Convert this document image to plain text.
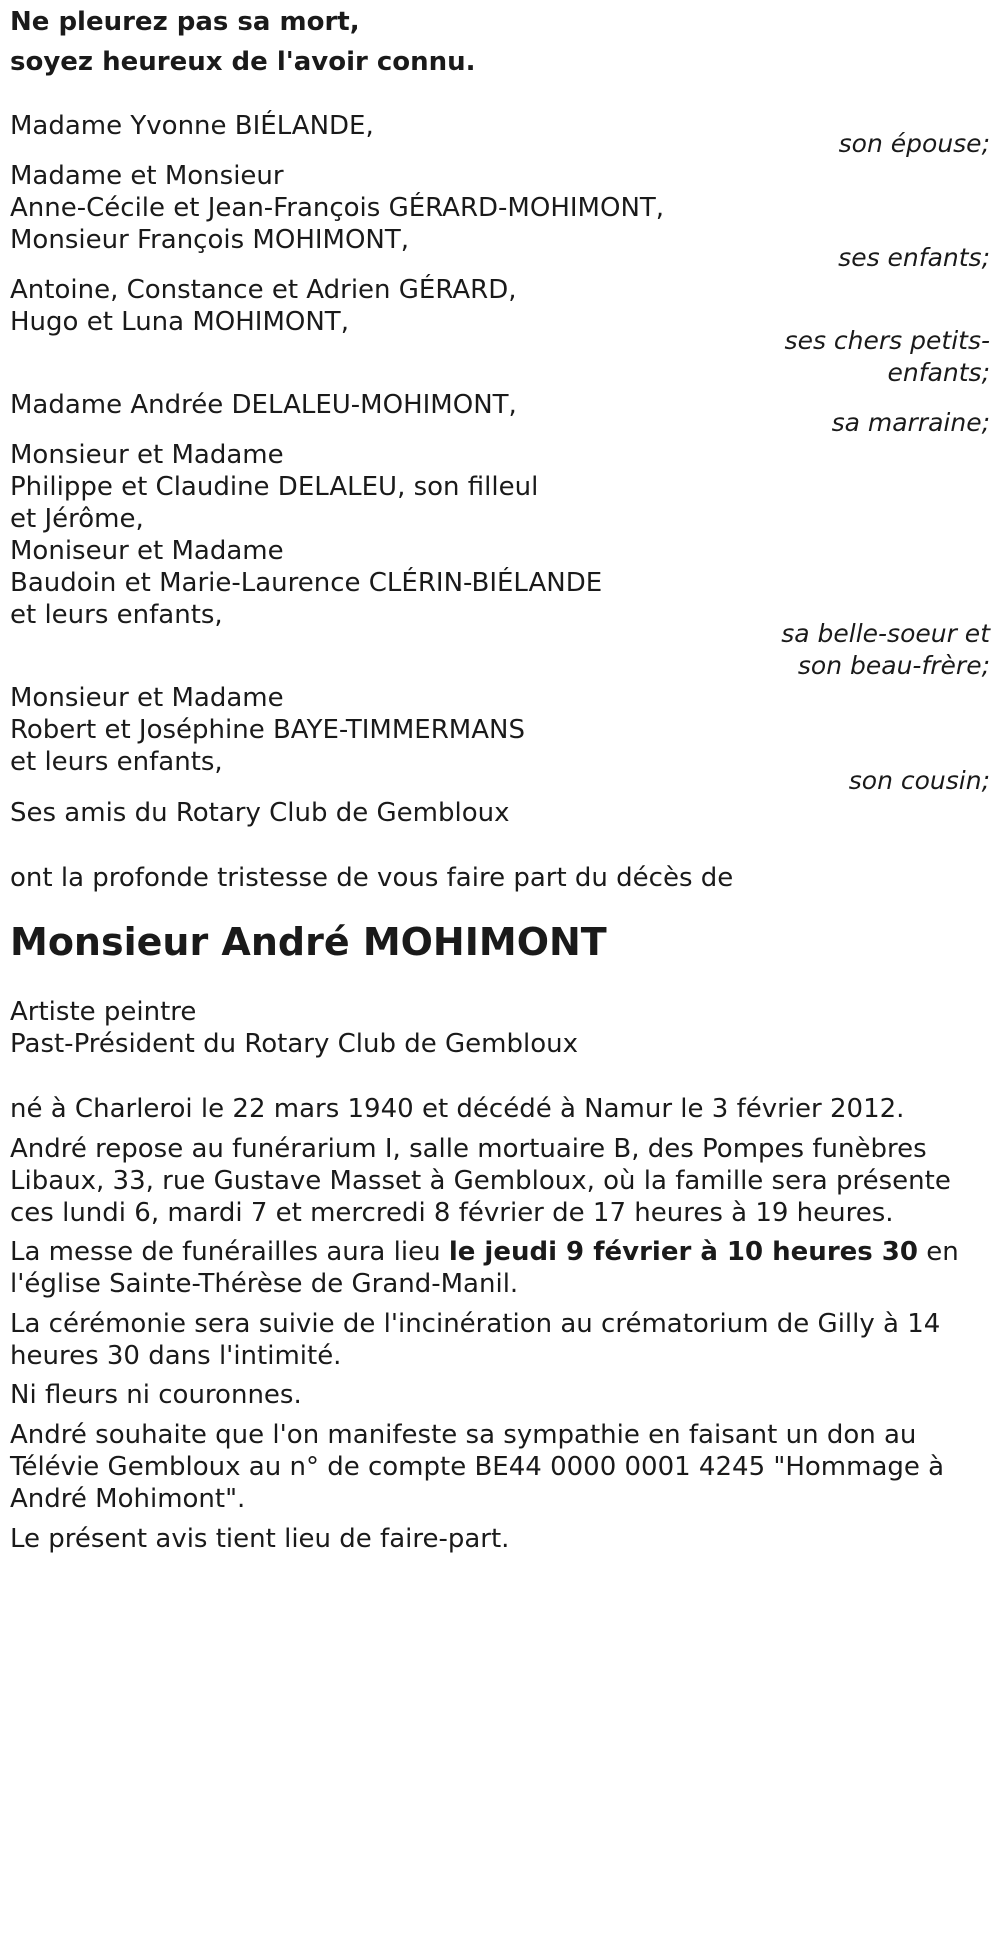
Ne pleurez pas sa mort,
soyez heureux de l'avoir connu.
Madame Yvonne BIÉLANDE,
son épouse;
Madame et Monsieur
Anne-Cécile et Jean-François GÉRARD-MOHIMONT,
Monsieur François MOHIMONT,
ses enfants;
Antoine, Constance et Adrien GÉRARD,
Hugo et Luna MOHIMONT,
ses chers petits-
enfants;
Madame Andrée DELALEU-MOHIMONT,
sa marraine;
Monsieur et Madame
Philippe et Claudine DELALEU, son filleul
et Jérôme,
Moniseur et Madame
Baudoin et Marie-Laurence CLÉRIN-BIÉLANDE
et leurs enfants,
sa belle-soeur et
son beau-frère;
Monsieur et Madame
Robert et Joséphine BAYE-TIMMERMANS
et leurs enfants,
son cousin;
Ses amis du Rotary Club de Gembloux
ont la profonde tristesse de vous faire part du décès de
Monsieur André MOHIMONT
Artiste peintre
Past-Président du Rotary Club de Gembloux
né à Charleroi le 22 mars 1940 et décédé à Namur le 3 février 2012.
André repose au funérarium I, salle mortuaire B, des Pompes funèbres
Libaux, 33, rue Gustave Masset à Gembloux, où la famille sera présente
ces lundi 6, mardi 7 et mercredi 8 février de 17 heures à 19 heures.
La messe de funérailles aura lieu le jeudi 9 février à 10 heures 30 en
l'église Sainte-Thérèse de Grand-Manil.
La cérémonie sera suivie de l'incinération au crématorium de Gilly à 14
heures 30 dans l'intimité.
Ni fleurs ni couronnes.
André souhaite que l'on manifeste sa sympathie en faisant un don au
Télévie Gembloux au n° de compte BE44 0000 0001 4245 "Hommage à
André Mohimont".
Le présent avis tient lieu de faire-part.
